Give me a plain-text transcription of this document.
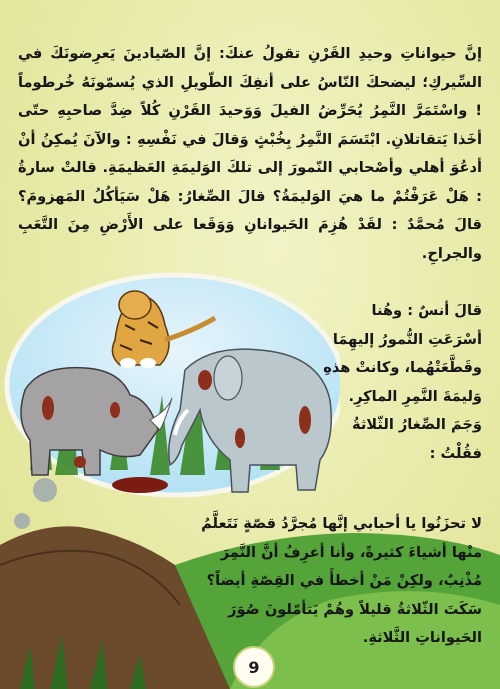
إنَّ حيواناتِ وحيدِ القَرْنِ تقولُ عنكَ: إنَّ الصّيادينَ يَعرِضونَكَ في السِّيركِ؛ ليضحكَ النّاسُ على أنفِكَ الطّويلِ الذي يُسمّونَهُ خُرطوماً ! واسْتَمَرَّ النَّمِرُ يُحَرِّضُ الفيلَ وَوَحيدَ القَرْنِ كُلاً ضِدَّ صاحبِهِ حتّى أخَذا يَتقاتلانِ. ابْتَسَمَ النَّمِرُ بِخُبْثٍ وَقالَ في نَفْسِهِ : والآنَ يُمكِنُ أنْ أدعُوَ أهلي وأصْحابي النّمورَ إلى تلكَ الوَليمَةِ العَظيمَةِ. قالتْ سارةُ : هَلْ عَرَفْتُمْ ما هيَ الوَليمَةُ؟ قالَ الصِّغارُ: هَلْ سَيَأكُلُ المَهزومَ؟ قالَ مُحمَّدٌ : لقَدْ هُزِمَ الحَيوانانِ وَوَقَعا على الأَرْضِ مِنَ التَّعَبِ والجراحِ.

قالَ أنسٌ : وهُنا أسْرَعَتِ النُّمورُ إليهِمَا وقَطَّعَتْهُما، وكانتْ هذهِ وَليمَةَ النَّمِرِ الماكِرِ. وَجَمَ الصِّغارُ الثّلاثةُ فقُلْتُ :

لا تحزَنُوا يا أحبابي إنَّها مُجرَّدُ قصّةٍ نَتَعلَّمُ منْها أشياءَ كثيرةً، وأنا أعرِفُ أنَّ النَّمِرَ مُذْنِبٌ، ولكِنْ مَنْ أخطأَ في القِصّةِ أيضاً؟ سَكَتَ الثّلاثةُ قليلاً وهُمْ يَتأمّلونَ صُوَرَ الحَيواناتِ الثَّلاثةِ.

9
